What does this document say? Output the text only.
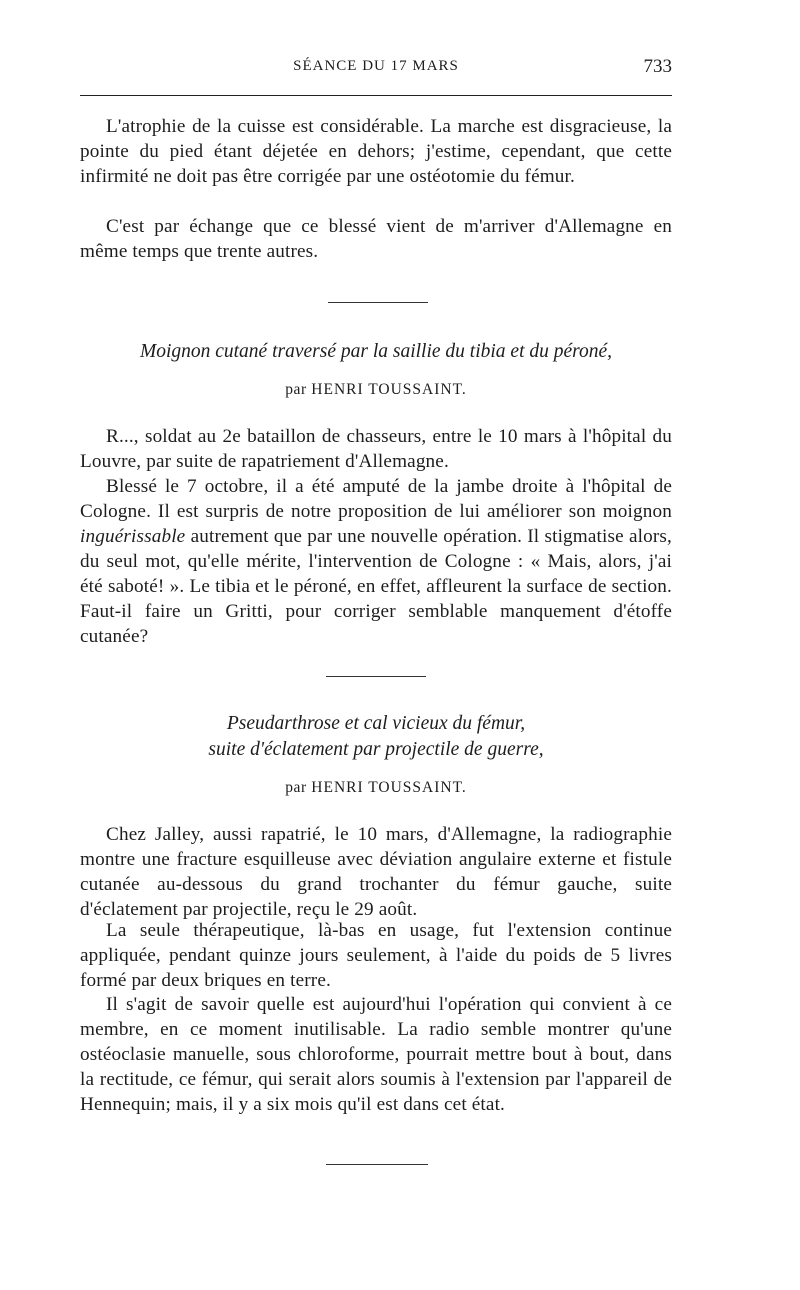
SÉANCE DU 17 MARS	733

L'atrophie de la cuisse est considérable. La marche est disgracieuse, la pointe du pied étant déjetée en dehors; j'estime, cependant, que cette infirmité ne doit pas être corrigée par une ostéotomie du fémur.

C'est par échange que ce blessé vient de m'arriver d'Allemagne en même temps que trente autres.

Moignon cutané traversé par la saillie du tibia et du péroné,

par HENRI TOUSSAINT.

R..., soldat au 2e bataillon de chasseurs, entre le 10 mars à l'hôpital du Louvre, par suite de rapatriement d'Allemagne.

Blessé le 7 octobre, il a été amputé de la jambe droite à l'hôpital de Cologne. Il est surpris de notre proposition de lui améliorer son moignon inguérissable autrement que par une nouvelle opération. Il stigmatise alors, du seul mot, qu'elle mérite, l'intervention de Cologne : « Mais, alors, j'ai été saboté! ». Le tibia et le péroné, en effet, affleurent la surface de section. Faut-il faire un Gritti, pour corriger semblable manquement d'étoffe cutanée?

Pseudarthrose et cal vicieux du fémur,

suite d'éclatement par projectile de guerre,

par HENRI TOUSSAINT.

Chez Jalley, aussi rapatrié, le 10 mars, d'Allemagne, la radiographie montre une fracture esquilleuse avec déviation angulaire externe et fistule cutanée au-dessous du grand trochanter du fémur gauche, suite d'éclatement par projectile, reçu le 29 août.

La seule thérapeutique, là-bas en usage, fut l'extension continue appliquée, pendant quinze jours seulement, à l'aide du poids de 5 livres formé par deux briques en terre.

Il s'agit de savoir quelle est aujourd'hui l'opération qui convient à ce membre, en ce moment inutilisable. La radio semble montrer qu'une ostéoclasie manuelle, sous chloroforme, pourrait mettre bout à bout, dans la rectitude, ce fémur, qui serait alors soumis à l'extension par l'appareil de Hennequin; mais, il y a six mois qu'il est dans cet état.
